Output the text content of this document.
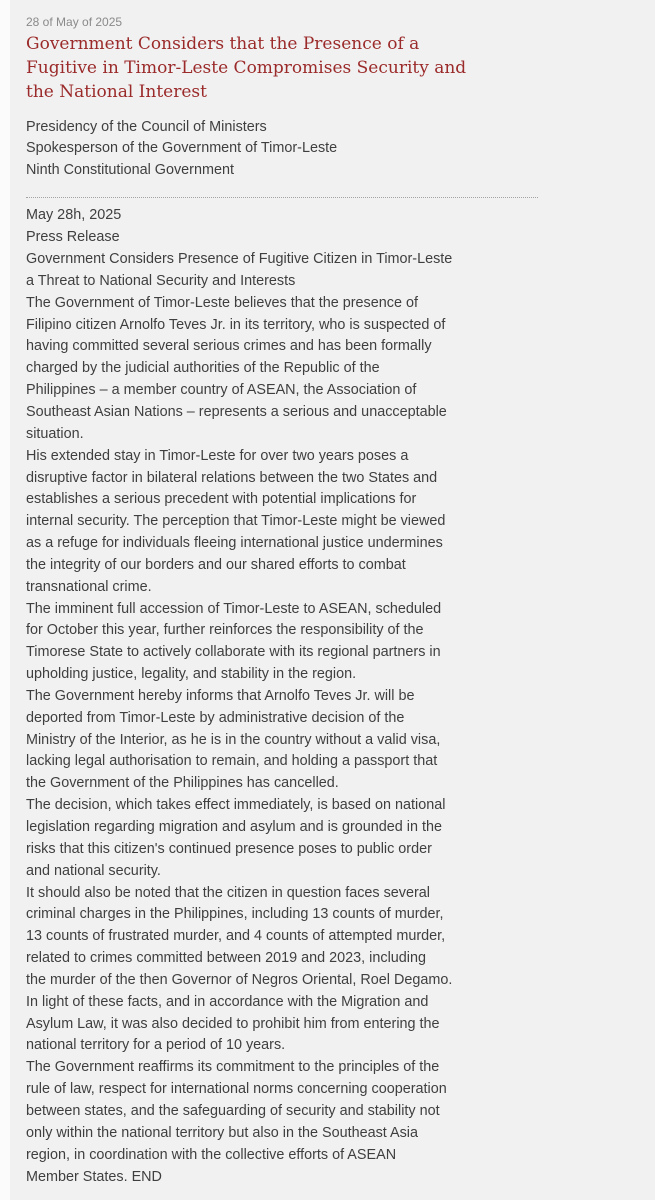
28 of May of 2025
Government Considers that the Presence of a
Fugitive in Timor-Leste Compromises Security and
the National Interest
Presidency of the Council of Ministers
Spokesperson of the Government of Timor-Leste
Ninth Constitutional Government
May 28h, 2025
Press Release
Government Considers Presence of Fugitive Citizen in Timor-Leste
a Threat to National Security and Interests
The Government of Timor-Leste believes that the presence of
Filipino citizen Arnolfo Teves Jr. in its territory, who is suspected of
having committed several serious crimes and has been formally
charged by the judicial authorities of the Republic of the
Philippines – a member country of ASEAN, the Association of
Southeast Asian Nations – represents a serious and unacceptable
situation.
His extended stay in Timor-Leste for over two years poses a
disruptive factor in bilateral relations between the two States and
establishes a serious precedent with potential implications for
internal security. The perception that Timor-Leste might be viewed
as a refuge for individuals fleeing international justice undermines
the integrity of our borders and our shared efforts to combat
transnational crime.
The imminent full accession of Timor-Leste to ASEAN, scheduled
for October this year, further reinforces the responsibility of the
Timorese State to actively collaborate with its regional partners in
upholding justice, legality, and stability in the region.
The Government hereby informs that Arnolfo Teves Jr. will be
deported from Timor-Leste by administrative decision of the
Ministry of the Interior, as he is in the country without a valid visa,
lacking legal authorisation to remain, and holding a passport that
the Government of the Philippines has cancelled.
The decision, which takes effect immediately, is based on national
legislation regarding migration and asylum and is grounded in the
risks that this citizen's continued presence poses to public order
and national security.
It should also be noted that the citizen in question faces several
criminal charges in the Philippines, including 13 counts of murder,
13 counts of frustrated murder, and 4 counts of attempted murder,
related to crimes committed between 2019 and 2023, including
the murder of the then Governor of Negros Oriental, Roel Degamo.
In light of these facts, and in accordance with the Migration and
Asylum Law, it was also decided to prohibit him from entering the
national territory for a period of 10 years.
The Government reaffirms its commitment to the principles of the
rule of law, respect for international norms concerning cooperation
between states, and the safeguarding of security and stability not
only within the national territory but also in the Southeast Asia
region, in coordination with the collective efforts of ASEAN
Member States. END
